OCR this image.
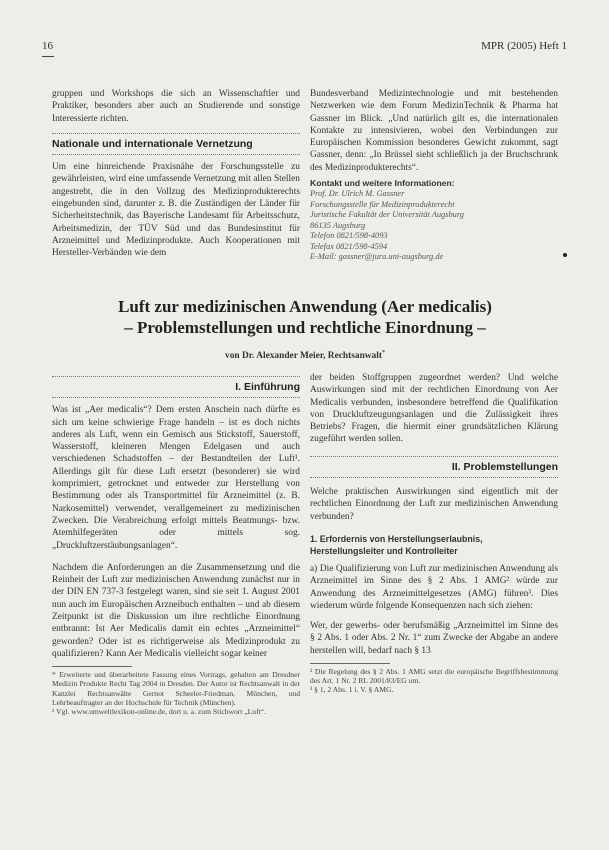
16	MPR (2005) Heft 1

gruppen und Workshops die sich an Wissenschaftler und Praktiker, besonders aber auch an Studierende und sonstige Interessierte richten.

Nationale und internationale Vernetzung

Um eine hinreichende Praxisnähe der Forschungsstelle zu gewährleisten, wird eine umfassende Vernetzung mit allen Stellen angestrebt, die in den Vollzug des Medizinprodukterechts eingebunden sind, darunter z. B. die Zuständigen der Länder für Sicherheitstechnik, das Bayerische Landesamt für Arbeitsschutz, Arbeitsmedizin, der TÜV Süd und das Bundesinstitut für Arzneimittel und Medizinprodukte. Auch Kooperationen mit Hersteller-Verbänden wie dem

Bundesverband Medizintechnologie und mit bestehenden Netzwerken wie dem Forum MedizinTechnik & Pharma hat Gassner im Blick. „Und natürlich gilt es, die internationalen Kontakte zu intensivieren, wobei den Verbindungen zur Europäischen Kommission besonderes Gewicht zukommt, sagt Gassner, denn: „In Brüssel sieht schließlich ja der Bruchschrank des Medizinprodukterechts“.

Kontakt und weitere Informationen:
Prof. Dr. Ulrich M. Gassner
Forschungsstelle für Medizinprodukterecht
Juristische Fakultät der Universität Augsburg
86135 Augsburg
Telefon 0821/598-4093
Telefax 0821/598-4594
E-Mail: gassner@jura.uni-augsburg.de
Luft zur medizinischen Anwendung (Aer medicalis)
– Problemstellungen und rechtliche Einordnung –
von Dr. Alexander Meier, Rechtsanwalt*

I. Einführung

Was ist „Aer medicalis“? Dem ersten Anschein nach dürfte es sich um keine schwierige Frage handeln – ist es doch nichts anderes als Luft, wenn ein Gemisch aus Stickstoff, Sauerstoff, Wasserstoff, kleineren Mengen Edelgasen und auch verschiedenen Schadstoffen – der Bestandteilen der Luft¹. Allerdings gilt für diese Luft ersetzt (besonderer) sie wird komprimiert, getrocknet und entweder zur Herstellung von Bestimmung oder als Transportmittel für Arzneimittel (z. B. Narkosemittel) verwendet, verallgemeinert zu medizinischen Zwecken. Die Verabreichung erfolgt mittels Beatmungs- bzw. Atemhilfegeräten oder mittels sog. „Druckluftzerstäubungsanlagen“.

Nachdem die Anforderungen an die Zusammensetzung und die Reinheit der Luft zur medizinischen Anwendung zunächst nur in der DIN EN 737-3 festgelegt waren, sind sie seit 1. August 2001 nun auch im Europäischen Arzneibuch enthalten – und ab diesem Zeitpunkt ist die Diskussion um ihre rechtliche Einordnung entbrannt: Ist Aer Medicalis damit ein echtes „Arzneimittel“ geworden? Oder ist es richtigerweise als Medizinprodukt zu qualifizieren? Kann Aer Medicalis vielleicht sogar keiner

* Erweiterte und überarbeitete Fassung eines Vortrags, gehalten am Dresdner Medizin Produkte Recht Tag 2004 in Dresden. Der Autor ist Rechtsanwalt in der Kanzlei Rechtsanwälte Gernot Scheeler-Friedman, München, und Lehrbeauftragter an der Hochschule für Technik (München).

¹ Vgl. www.umweltlexikon-online.de, dort u. a. zum Stichwort „Luft“.

der beiden Stoffgruppen zugeordnet werden? Und welche Auswirkungen sind mit der rechtlichen Einordnung von Aer Medicalis verbunden, insbesondere betreffend die Qualifikation von Druckluftzeugungsanlagen und die Zulässigkeit ihres Betriebs? Fragen, die hiermit einer grundsätzlichen Klärung zugeführt werden sollen.

II. Problemstellungen

Welche praktischen Auswirkungen sind eigentlich mit der rechtlichen Einordnung der Luft zur medizinischen Anwendung verbunden?

1. Erfordernis von Herstellungserlaubnis,

Herstellungsleiter und Kontrolleiter

a) Die Qualifizierung von Luft zur medizinischen Anwendung als Arzneimittel im Sinne des § 2 Abs. 1 AMG² würde zur Anwendung des Arzneimittelgesetzes (AMG) führen³. Dies wiederum würde folgende Konsequenzen nach sich ziehen:

Wer, der gewerbs- oder berufsmäßig „Arzneimittel im Sinne des § 2 Abs. 1 oder Abs. 2 Nr. 1“ zum Zwecke der Abgabe an andere herstellen will, bedarf nach § 13

² Die Regelung des § 2 Abs. 1 AMG setzt die europäische Begriffsbestimmung des Art. 1 Nr. 2 RL 2001/83/EG um.

³ § 1, 2 Abs. 1 i. V. § AMG.
